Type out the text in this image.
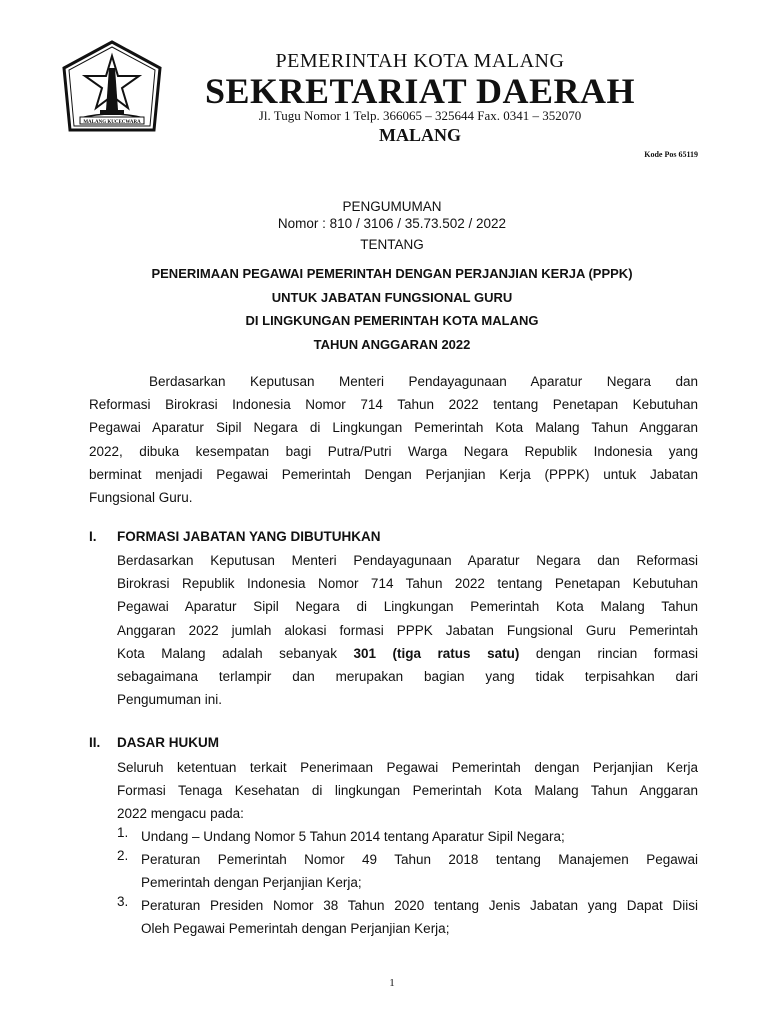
MALANG KUCECWARA
PEMERINTAH KOTA MALANG
SEKRETARIAT DAERAH
Jl. Tugu Nomor 1 Telp. 366065 – 325644 Fax. 0341 – 352070
MALANG
Kode Pos 65119
PENGUMUMAN
Nomor : 810 / 3106 / 35.73.502 / 2022
TENTANG
PENERIMAAN PEGAWAI PEMERINTAH DENGAN PERJANJIAN KERJA (PPPK)
UNTUK JABATAN FUNGSIONAL GURU
DI LINGKUNGAN PEMERINTAH KOTA MALANG
TAHUN ANGGARAN 2022
Berdasarkan Keputusan Menteri Pendayagunaan Aparatur Negara dan
Reformasi Birokrasi Indonesia Nomor 714 Tahun 2022 tentang Penetapan Kebutuhan
Pegawai Aparatur Sipil Negara di Lingkungan Pemerintah Kota Malang Tahun Anggaran
2022, dibuka kesempatan bagi Putra/Putri Warga Negara Republik Indonesia yang
berminat menjadi Pegawai Pemerintah Dengan Perjanjian Kerja (PPPK) untuk Jabatan
Fungsional Guru.
I. FORMASI JABATAN YANG DIBUTUHKAN
Berdasarkan Keputusan Menteri Pendayagunaan Aparatur Negara dan Reformasi
Birokrasi Republik Indonesia Nomor 714 Tahun 2022 tentang Penetapan Kebutuhan
Pegawai Aparatur Sipil Negara di Lingkungan Pemerintah Kota Malang Tahun
Anggaran 2022 jumlah alokasi formasi PPPK Jabatan Fungsional Guru Pemerintah
Kota Malang adalah sebanyak 301 (tiga ratus satu) dengan rincian formasi
sebagaimana terlampir dan merupakan bagian yang tidak terpisahkan dari
Pengumuman ini.
II. DASAR HUKUM
Seluruh ketentuan terkait Penerimaan Pegawai Pemerintah dengan Perjanjian Kerja
Formasi Tenaga Kesehatan di lingkungan Pemerintah Kota Malang Tahun Anggaran
2022 mengacu pada:
1. Undang – Undang Nomor 5 Tahun 2014 tentang Aparatur Sipil Negara;
2. Peraturan Pemerintah Nomor 49 Tahun 2018 tentang Manajemen Pegawai
Pemerintah dengan Perjanjian Kerja;
3. Peraturan Presiden Nomor 38 Tahun 2020 tentang Jenis Jabatan yang Dapat Diisi
Oleh Pegawai Pemerintah dengan Perjanjian Kerja;
1
